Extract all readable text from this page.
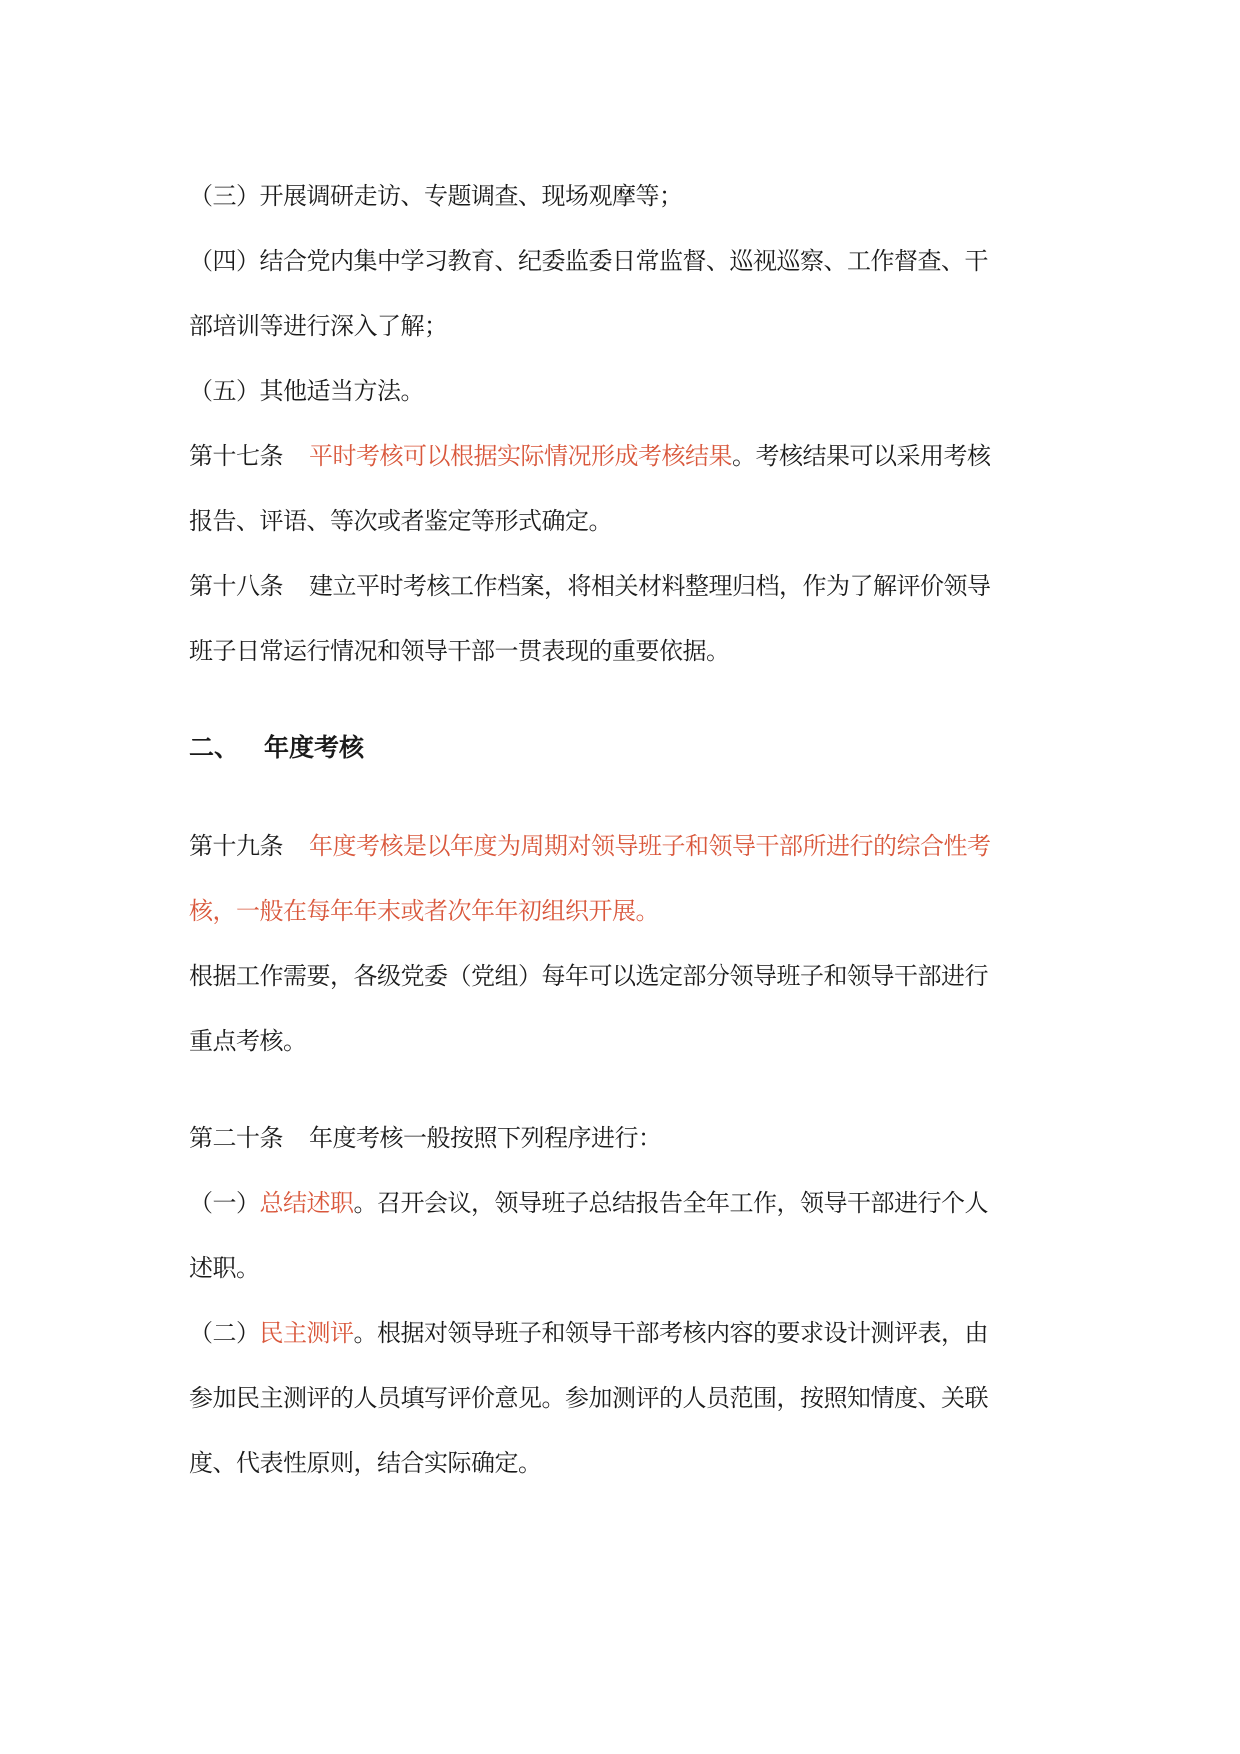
（三）开展调研走访、专题调查、现场观摩等；
（四）结合党内集中学习教育、纪委监委日常监督、巡视巡察、工作督查、干
部培训等进行深入了解；
（五）其他适当方法。
第十七条 平时考核可以根据实际情况形成考核结果。考核结果可以采用考核
报告、评语、等次或者鉴定等形式确定。
第十八条 建立平时考核工作档案，将相关材料整理归档，作为了解评价领导
班子日常运行情况和领导干部一贯表现的重要依据。
二、 年度考核
第十九条 年度考核是以年度为周期对领导班子和领导干部所进行的综合性考
核，一般在每年年末或者次年年初组织开展。
根据工作需要，各级党委（党组）每年可以选定部分领导班子和领导干部进行
重点考核。
第二十条 年度考核一般按照下列程序进行：
（一）总结述职。召开会议，领导班子总结报告全年工作，领导干部进行个人
述职。
（二）民主测评。根据对领导班子和领导干部考核内容的要求设计测评表，由
参加民主测评的人员填写评价意见。参加测评的人员范围，按照知情度、关联
度、代表性原则，结合实际确定。
